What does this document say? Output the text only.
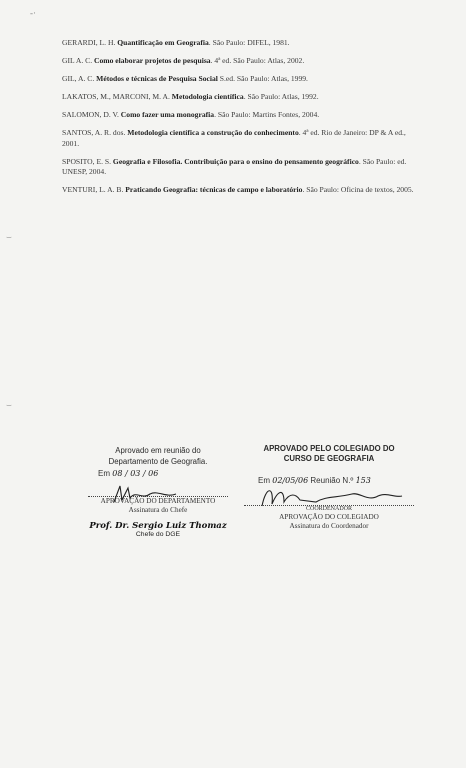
-·
⌣
⌣

GERARDI, L. H. Quantificação em Geografia. São Paulo: DIFEL, 1981.

GIL A. C. Como elaborar projetos de pesquisa. 4ª ed. São Paulo: Atlas, 2002.

GIL, A. C. Métodos e técnicas de Pesquisa Social S.ed. São Paulo: Atlas, 1999.

LAKATOS, M., MARCONI, M. A. Metodologia científica. São Paulo: Atlas, 1992.

SALOMON, D. V. Como fazer uma monografia. São Paulo: Martins Fontes, 2004.

SANTOS, A. R. dos. Metodologia científica a construção do conhecimento. 4ª ed. Rio de Janeiro: DP & A ed., 2001.

SPOSITO, E. S. Geografia e Filosofia. Contribuição para o ensino do pensamento geográfico. São Paulo: ed. UNESP, 2004.

VENTURI, L. A. B. Praticando Geografia: técnicas de campo e laboratório. São Paulo: Oficina de textos, 2005.

Aprovado em reunião do
Departamento de Geografia.
Em 08 / 03 / 06
APROVAÇÃO DO DEPARTAMENTO
Assinatura do Chefe
Prof. Dr. Sergio Luiz Thomaz
Chefe do DGE
APROVADO PELO COLEGIADO DO
CURSO DE GEOGRAFIA
Em 02/05/06 Reunião N.º 153
COORDENADOR
APROVAÇÃO DO COLEGIADO
Assinatura do Coordenador
